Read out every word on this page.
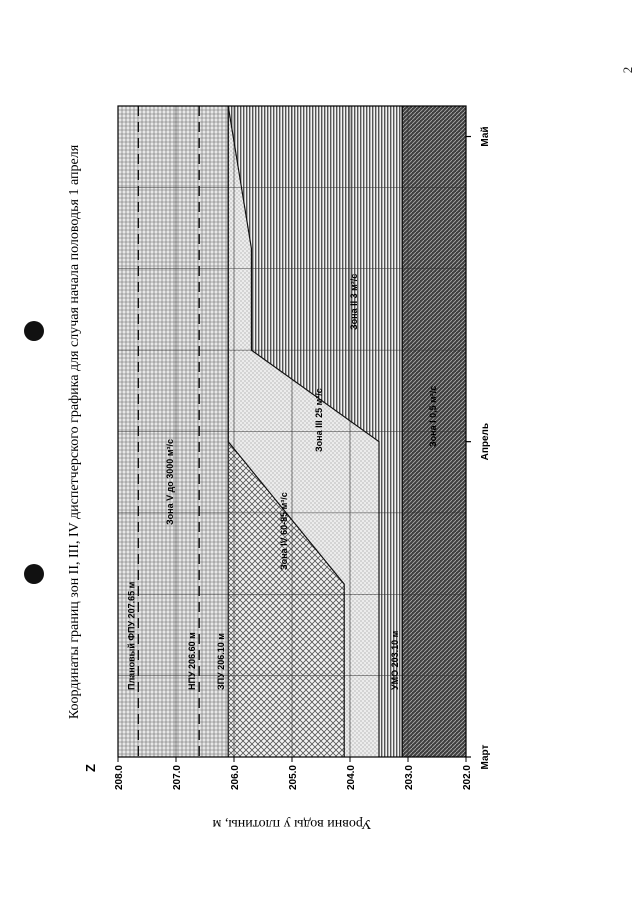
2
Плановый ФПУ 207.65 м	НПУ 206.60 м ЗПУ 206.10 м	УМО 203.10 м
Зона V до 3000 м³/с
Зона IV 60-85 м³/с
Зона III 25 м³/с
Зона II 3 м³/с
Зона I 0,5 м³/с
202.0
203.0
204.0
205.0
206.0
207.0
208.0
Март
Апрель
Май
Уровни воды у плотины, м
Координаты границ зон II, III, IV диспетчерского графика для случая начала половодья 1 апреля
Z
